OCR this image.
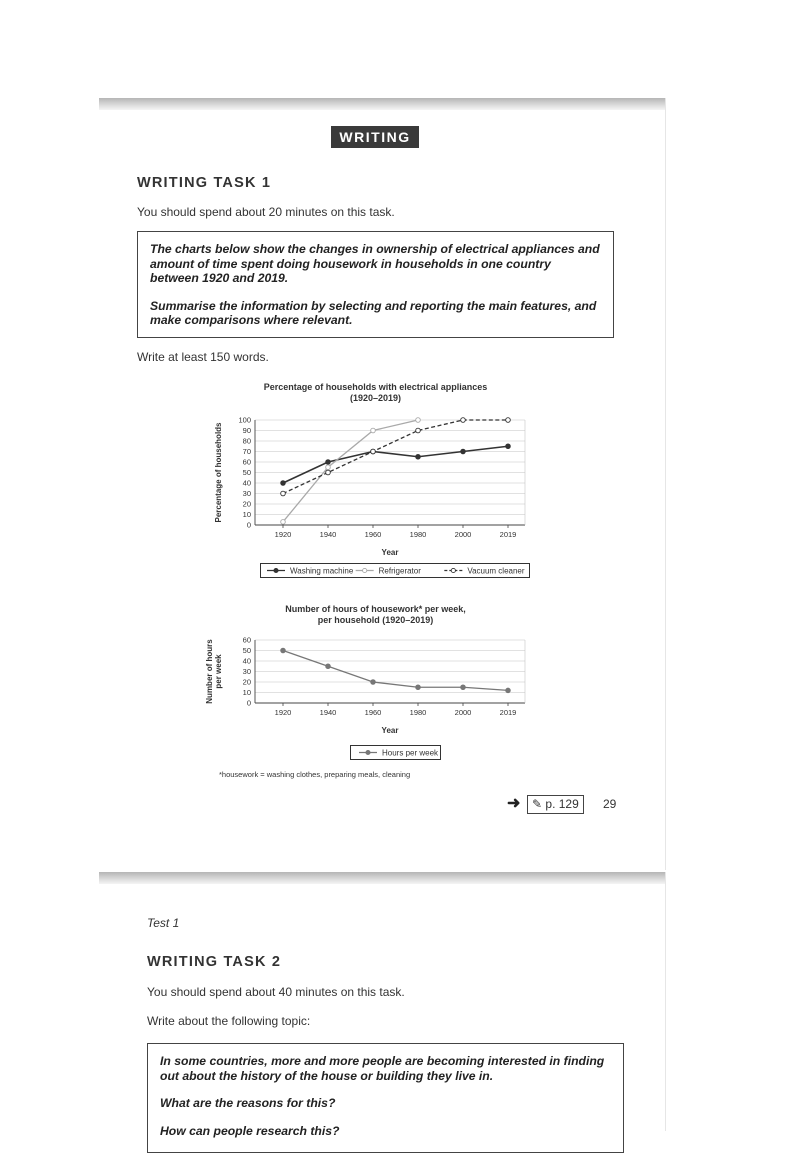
WRITING
WRITING TASK 1
You should spend about 20 minutes on this task.

The charts below show the changes in ownership of electrical appliances and amount of time spent doing housework in households in one country between 1920 and 2019.

Summarise the information by selecting and reporting the main features, and make comparisons where relevant.

Write at least 150 words.
Percentage of households with electrical appliances
(1920–2019)
0
10
20
30
40
50
60
70
80
90
100
1920	1940	1960	1980	2000	2019
Year
Percentage of households
Washing machine	Refrigerator	Vacuum cleaner
Number of hours of housework* per week,
per household (1920–2019)
0
10
20
30
40
50
60
1920	1940	1960	1980	2000	2019
Year
Number of hours per week
Hours per week
*housework = washing clothes, preparing meals, cleaning
➜ ✎ p. 129	29
Test 1
WRITING TASK 2
You should spend about 40 minutes on this task.
Write about the following topic:

In some countries, more and more people are becoming interested in finding out about the history of the house or building they live in.

What are the reasons for this?

How can people research this?
